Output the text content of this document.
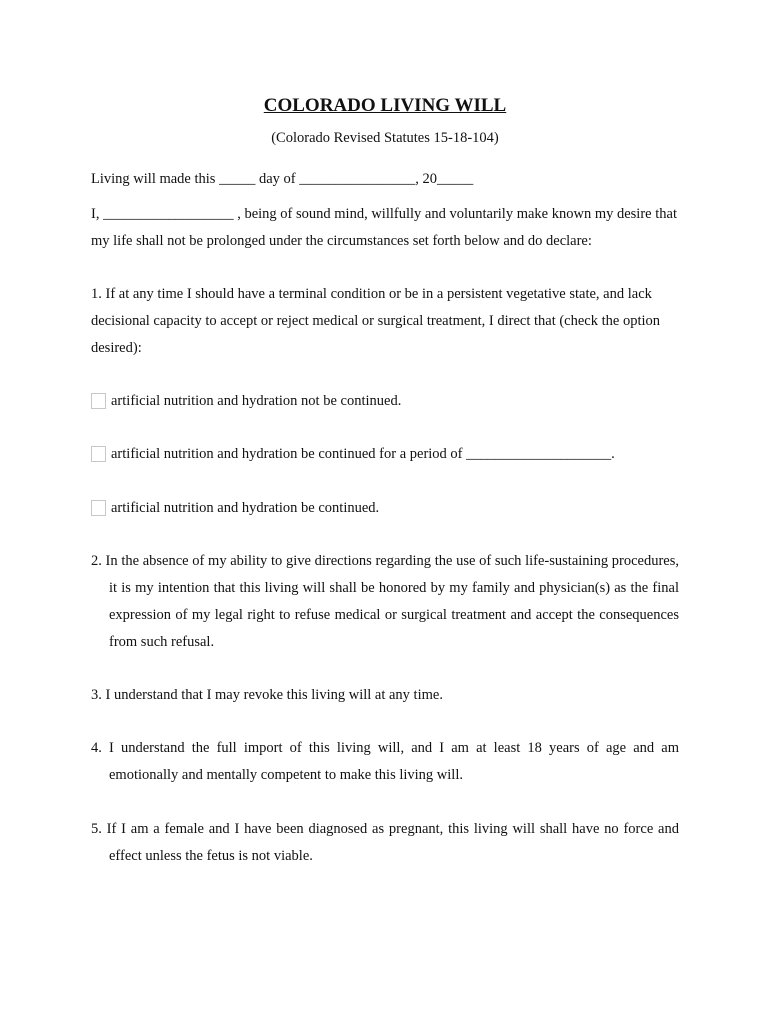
COLORADO LIVING WILL
(Colorado Revised Statutes 15-18-104)

Living will made this _____ day of ________________, 20_____

I, __________________ , being of sound mind, willfully and voluntarily make known my desire that my life shall not be prolonged under the circumstances set forth below and do declare:

1. If at any time I should have a terminal condition or be in a persistent vegetative state, and lack decisional capacity to accept or reject medical or surgical treatment, I direct that (check the option desired):

artificial nutrition and hydration not be continued.
artificial nutrition and hydration be continued for a period of ____________________.
artificial nutrition and hydration be continued.

2. In the absence of my ability to give directions regarding the use of such life-sustaining procedures, it is my intention that this living will shall be honored by my family and physician(s) as the final expression of my legal right to refuse medical or surgical treatment and accept the consequences from such refusal.

3. I understand that I may revoke this living will at any time.

4. I understand the full import of this living will, and I am at least 18 years of age and am emotionally and mentally competent to make this living will.

5. If I am a female and I have been diagnosed as pregnant, this living will shall have no force and effect unless the fetus is not viable.
